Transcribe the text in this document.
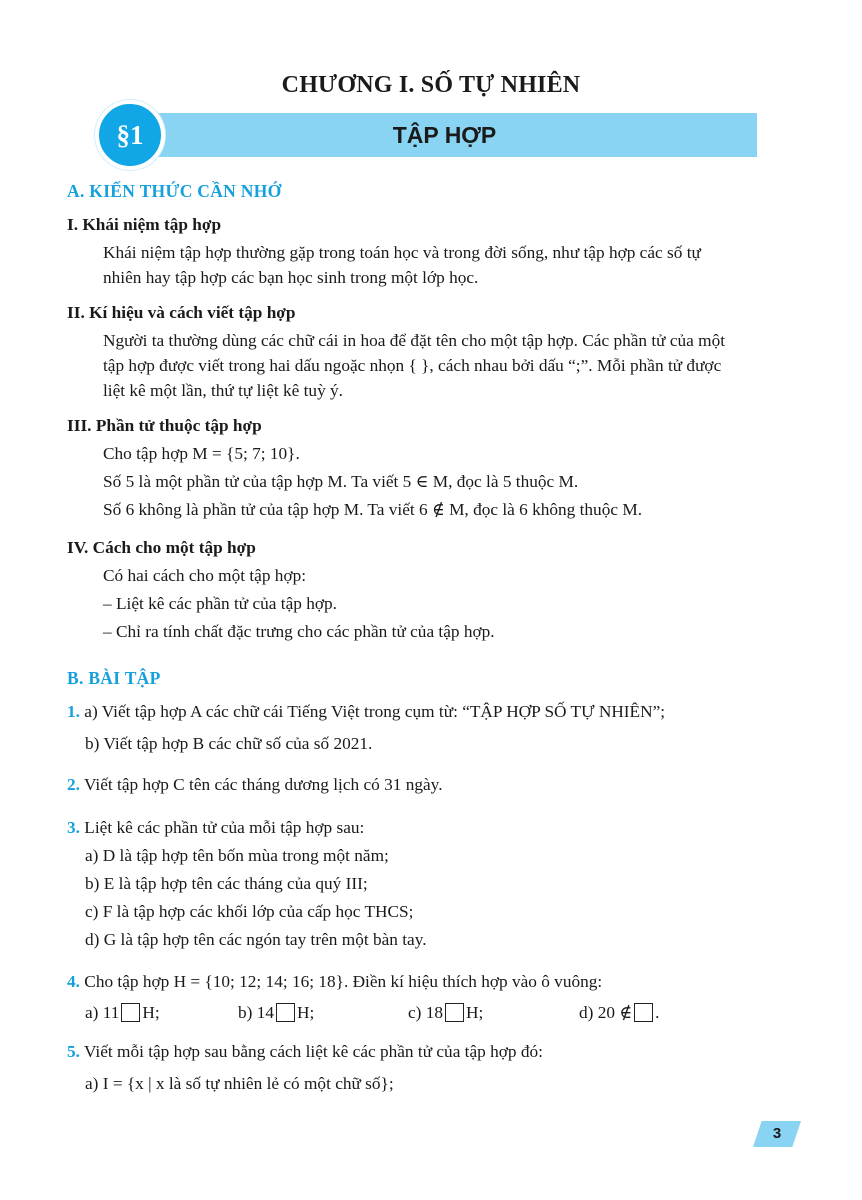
CHƯƠNG I. SỐ TỰ NHIÊN
TẬP HỢP
§1
A. KIẾN THỨC CẦN NHỚ
I. Khái niệm tập hợp
Khái niệm tập hợp thường gặp trong toán học và trong đời sống, như tập hợp các số tự
nhiên hay tập hợp các bạn học sinh trong một lớp học.
II. Kí hiệu và cách viết tập hợp
Người ta thường dùng các chữ cái in hoa để đặt tên cho một tập hợp. Các phần tử của một
tập hợp được viết trong hai dấu ngoặc nhọn { }, cách nhau bởi dấu “;”. Mỗi phần tử được
liệt kê một lần, thứ tự liệt kê tuỳ ý.
III. Phần tử thuộc tập hợp
Cho tập hợp M = {5; 7; 10}.
Số 5 là một phần tử của tập hợp M. Ta viết 5 ∈ M, đọc là 5 thuộc M.
Số 6 không là phần tử của tập hợp M. Ta viết 6 ∉ M, đọc là 6 không thuộc M.
IV. Cách cho một tập hợp
Có hai cách cho một tập hợp:
– Liệt kê các phần tử của tập hợp.
– Chỉ ra tính chất đặc trưng cho các phần tử của tập hợp.
B. BÀI TẬP
1. a) Viết tập hợp A các chữ cái Tiếng Việt trong cụm từ: “TẬP HỢP SỐ TỰ NHIÊN”;
b) Viết tập hợp B các chữ số của số 2021.
2. Viết tập hợp C tên các tháng dương lịch có 31 ngày.
3. Liệt kê các phần tử của mỗi tập hợp sau:
a) D là tập hợp tên bốn mùa trong một năm;
b) E là tập hợp tên các tháng của quý III;
c) F là tập hợp các khối lớp của cấp học THCS;
d) G là tập hợp tên các ngón tay trên một bàn tay.
4. Cho tập hợp H = {10; 12; 14; 16; 18}. Điền kí hiệu thích hợp vào ô vuông:
a) 11 H;	b) 14 H;	c) 18 H;	d) 20 ∉ .
5. Viết mỗi tập hợp sau bằng cách liệt kê các phần tử của tập hợp đó:
a) I = {x | x là số tự nhiên lẻ có một chữ số};
3
